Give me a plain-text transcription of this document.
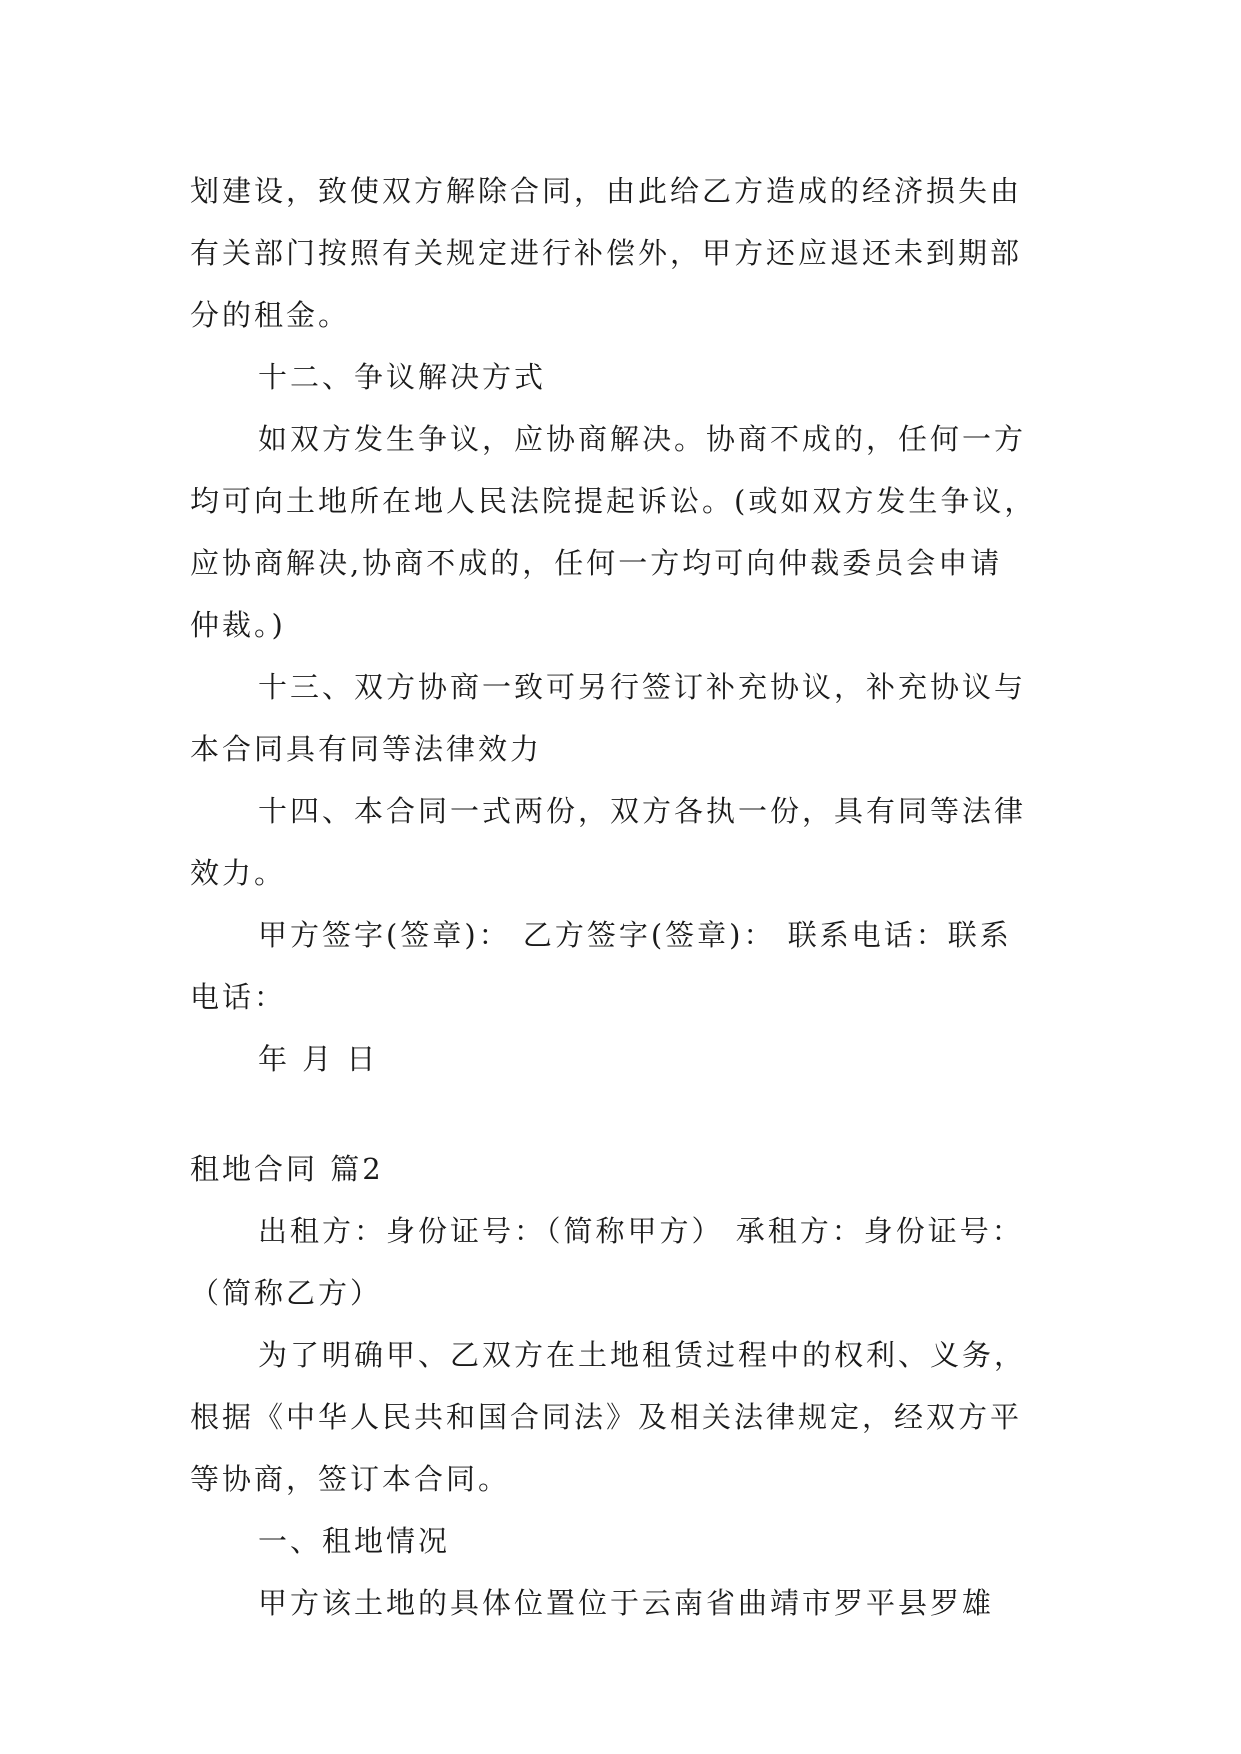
划建设，致使双方解除合同，由此给乙方造成的经济损失由
有关部门按照有关规定进行补偿外，甲方还应退还未到期部
分的租金。
十二、争议解决方式
如双方发生争议，应协商解决。协商不成的，任何一方
均可向土地所在地人民法院提起诉讼。(或如双方发生争议，
应协商解决,协商不成的，任何一方均可向仲裁委员会申请
仲裁。)
十三、双方协商一致可另行签订补充协议，补充协议与
本合同具有同等法律效力
十四、本合同一式两份，双方各执一份，具有同等法律
效力。
甲方签字(签章)： 乙方签字(签章)： 联系电话：联系
电话：
年 月 日
租地合同 篇2
出租方：身份证号：（简称甲方） 承租方：身份证号：
（简称乙方）
为了明确甲、乙双方在土地租赁过程中的权利、义务，
根据《中华人民共和国合同法》及相关法律规定，经双方平
等协商，签订本合同。
一、租地情况
甲方该土地的具体位置位于云南省曲靖市罗平县罗雄
